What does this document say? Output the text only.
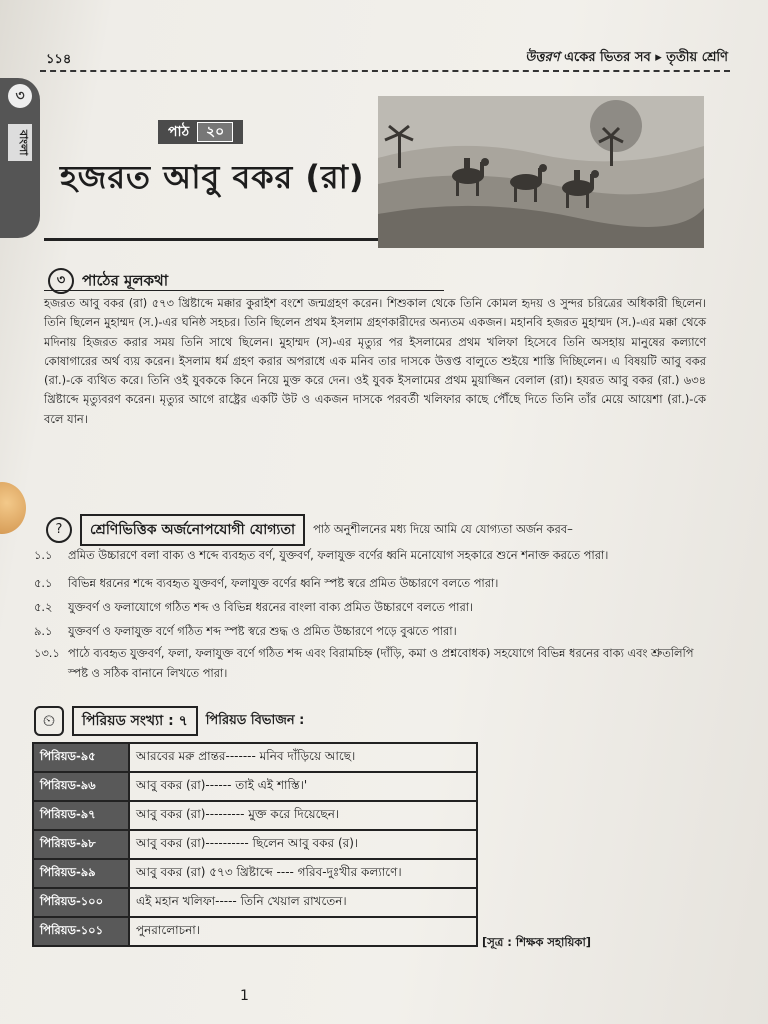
১১৪	উত্তরণ একের ভিতর সব ▸ তৃতীয় শ্রেণি
৩
বাংলা	পাঠ ২০
হজরত আবু বকর (রা)
৩ পাঠের মূলকথা
হজরত আবু বকর (রা) ৫৭৩ খ্রিষ্টাব্দে মক্কার কুরাইশ বংশে জন্মগ্রহণ করেন। শিশুকাল থেকে তিনি কোমল হৃদয় ও সুন্দর চরিত্রের অধিকারী ছিলেন। তিনি ছিলেন মুহাম্মদ (স.)-এর ঘনিষ্ঠ সহচর। তিনি ছিলেন প্রথম ইসলাম গ্রহণকারীদের অন্যতম একজন। মহানবি হজরত মুহাম্মদ (স.)-এর মক্কা থেকে মদিনায় হিজরত করার সময় তিনি সাথে ছিলেন। মুহাম্মদ (স)-এর মৃত্যুর পর ইসলামের প্রথম খলিফা হিসেবে তিনি অসহায় মানুষের কল্যাণে কোষাগারের অর্থ ব্যয় করেন। ইসলাম ধর্ম গ্রহণ করার অপরাধে এক মনিব তার দাসকে উত্তপ্ত বালুতে শুইয়ে শাস্তি দিচ্ছিলেন। এ বিষয়টি আবু বকর (রা.)-কে ব্যথিত করে। তিনি ওই যুবককে কিনে নিয়ে মুক্ত করে দেন। ওই যুবক ইসলামের প্রথম মুয়াজ্জিন বেলাল (রা)। হযরত আবু বকর (রা.) ৬৩৪ খ্রিষ্টাব্দে মৃত্যুবরণ করেন। মৃত্যুর আগে রাষ্ট্রের একটি উট ও একজন দাসকে পরবর্তী খলিফার কাছে পৌঁছে দিতে তিনি তাঁর মেয়ে আয়েশা (রা.)-কে বলে যান।
?	শ্রেণিভিত্তিক অর্জনোপযোগী যোগ্যতা	পাঠ অনুশীলনের মধ্য দিয়ে আমি যে যোগ্যতা অর্জন করব–
১.১	প্রমিত উচ্চারণে বলা বাক্য ও শব্দে ব্যবহৃত বর্ণ, যুক্তবর্ণ, ফলাযুক্ত বর্ণের ধ্বনি মনোযোগ সহকারে শুনে শনাক্ত করতে পারা।
৫.১	বিভিন্ন ধরনের শব্দে ব্যবহৃত যুক্তবর্ণ, ফলাযুক্ত বর্ণের ধ্বনি স্পষ্ট স্বরে প্রমিত উচ্চারণে বলতে পারা।
৫.২	যুক্তবর্ণ ও ফলাযোগে গঠিত শব্দ ও বিভিন্ন ধরনের বাংলা বাক্য প্রমিত উচ্চারণে বলতে পারা।
৯.১	যুক্তবর্ণ ও ফলাযুক্ত বর্ণে গঠিত শব্দ স্পষ্ট স্বরে শুদ্ধ ও প্রমিত উচ্চারণে পড়ে বুঝতে পারা।
১৩.১ পাঠে ব্যবহৃত যুক্তবর্ণ, ফলা, ফলাযুক্ত বর্ণে গঠিত শব্দ এবং বিরামচিহ্ন (দাঁড়ি, কমা ও প্রশ্নবোধক) সহযোগে বিভিন্ন ধরনের বাক্য এবং শ্রুতলিপি স্পষ্ট ও সঠিক বানানে লিখতে পারা।
⏲	পিরিয়ড সংখ্যা : ৭	পিরিয়ড বিভাজন :
পিরিয়ড-৯৫	আরবের মরু প্রান্তর------- মনিব দাঁড়িয়ে আছে।
পিরিয়ড-৯৬	আবু বকর (রা)------ তাই এই শাস্তি।'
পিরিয়ড-৯৭	আবু বকর (রা)--------- মুক্ত করে দিয়েছেন।
পিরিয়ড-৯৮	আবু বকর (রা)---------- ছিলেন আবু বকর (র)।
পিরিয়ড-৯৯	আবু বকর (রা) ৫৭৩ খ্রিষ্টাব্দে ---- গরিব-দুঃখীর কল্যাণে।
পিরিয়ড-১০০	এই মহান খলিফা----- তিনি খেয়াল রাখতেন।
পিরিয়ড-১০১	পুনরালোচনা।
[সূত্র : শিক্ষক সহায়িকা]
1
